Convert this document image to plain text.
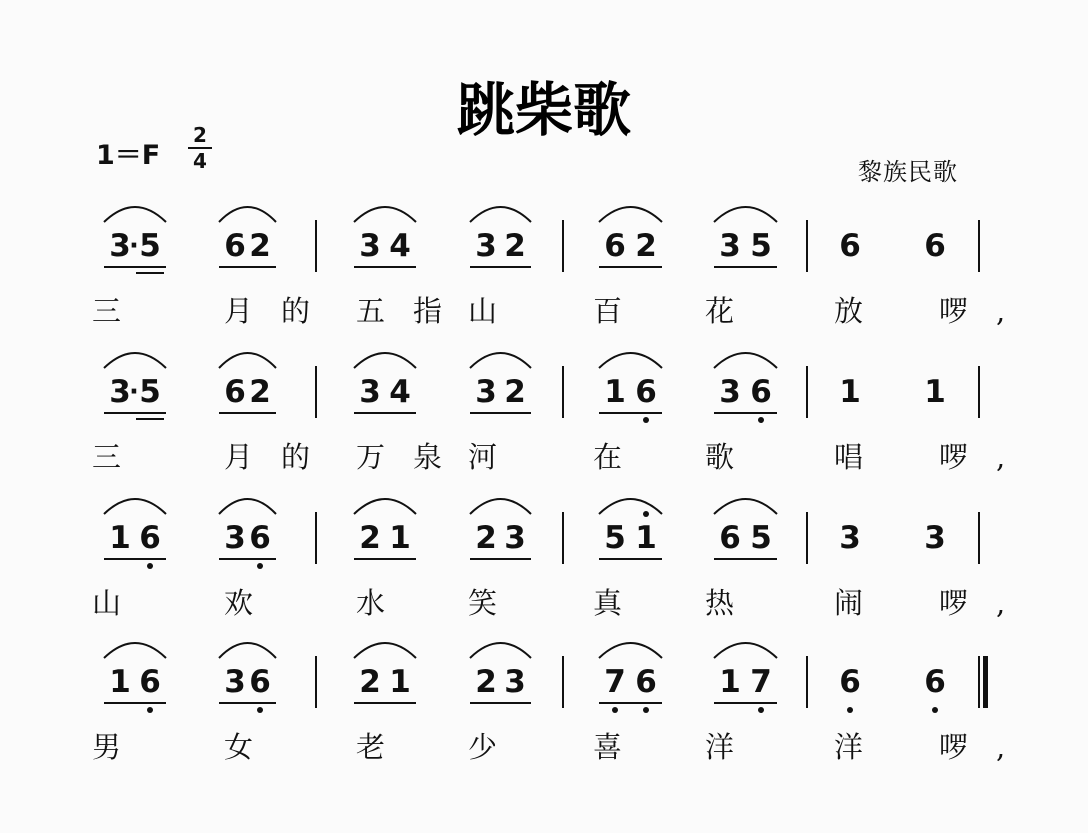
跳柴歌
1＝F
2
4	黎族民歌
3 5
·	6 2	3 4 3 2	6 2 3 5 6 6
三	月的 五指
山 百 花 放 啰,
3 5
·	6 2	3 4 3 2	1 6 3 6 1 1
三	月的 万泉
河 在 歌 唱 啰,
1 6 3 6	2 1 2 3	5 1 6 5 3 3
山	欢	水 笑 真 热 闹 啰,
1 6 3 6	2 1 2 3	7 6 1 7 6 6
男	女	老 少 喜 洋 洋 啰,
